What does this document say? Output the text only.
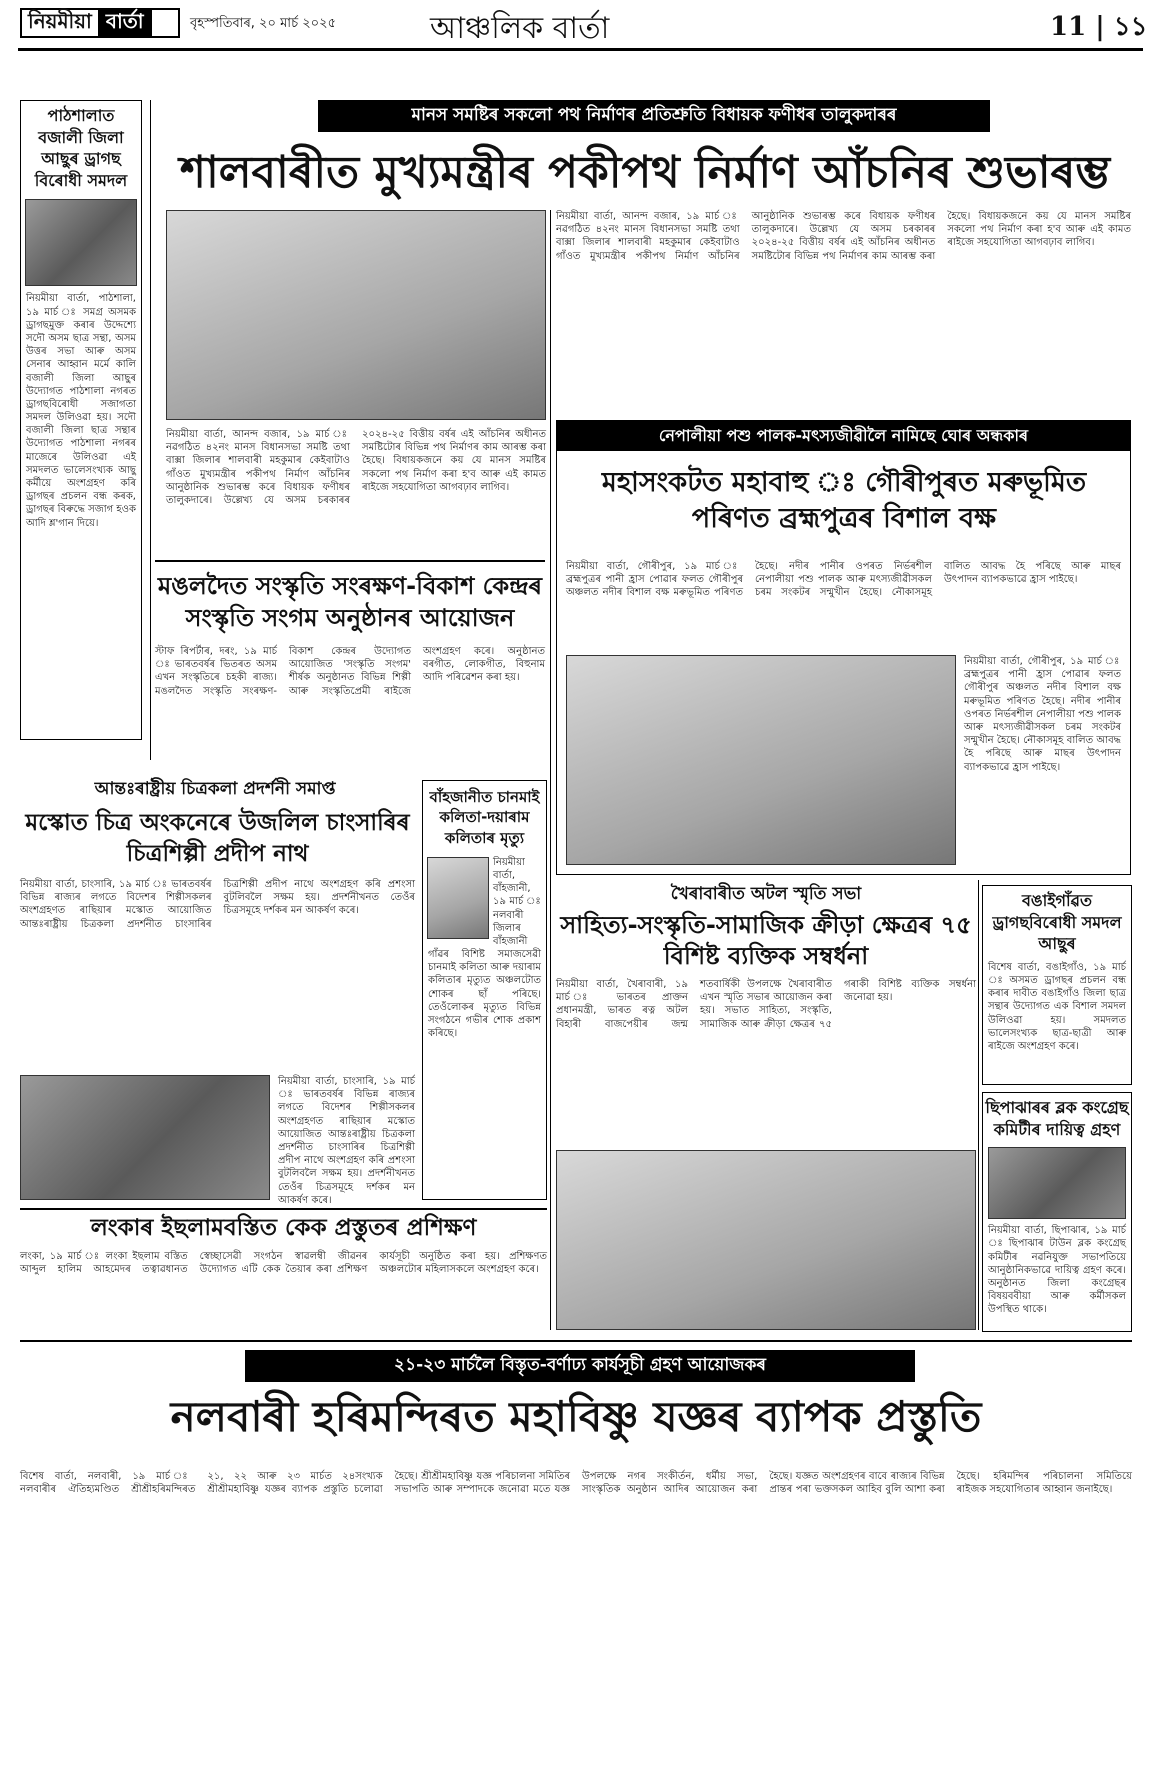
নিয়মীয়া বার্তা	বৃহস্পতিবাৰ, ২০ মাৰ্চ ২০২৫	আঞ্চলিক বাৰ্তা	11 | ১১
পাঠশালাত বজালী জিলা আছুৰ ড্ৰাগছ বিৰোধী সমদল
নিয়মীয়া বাৰ্তা, পাঠশালা, ১৯ মাৰ্চ ঃ সমগ্ৰ অসমক ড্ৰাগছমুক্ত কৰাৰ উদ্দেশ্যে সদৌ অসম ছাত্ৰ সন্থা, অসম উত্তৰ সভা আৰু অসম সেনাৰ আহ্বান মৰ্মে কালি বজালী জিলা আছুৰ উদ্যোগত পাঠশালা নগৰত ড্ৰাগছবিৰোধী সজাগতা সমদল উলিওৱা হয়। সদৌ বজালী জিলা ছাত্ৰ সন্থাৰ উদ্যোগত পাঠশালা নগৰৰ মাজেৰে উলিওৱা এই সমদলত ভালেসংখ্যক আছু কৰ্মীয়ে অংশগ্ৰহণ কৰি ড্ৰাগছৰ প্ৰচলন বন্ধ কৰক, ড্ৰাগছৰ বিৰুদ্ধে সজাগ হওক আদি শ্ল'গান দিয়ে।
মানস সমষ্টিৰ সকলো পথ নিৰ্মাণৰ প্ৰতিশ্ৰুতি বিধায়ক ফণীধৰ তালুকদাৰৰ
শালবাৰীত মুখ্যমন্ত্ৰীৰ পকীপথ নিৰ্মাণ আঁচনিৰ শুভাৰম্ভ
নিয়মীয়া বাৰ্তা, আনন্দ বজাৰ, ১৯ মাৰ্চ ঃ নৱগঠিত ৪২নং মানস বিধানসভা সমষ্টি তথা বাক্সা জিলাৰ শালবাৰী মহকুমাৰ কেইবাটাও গাঁওত মুখ্যমন্ত্ৰীৰ পকীপথ নিৰ্মাণ আঁচনিৰ আনুষ্ঠানিক শুভাৰম্ভ কৰে বিধায়ক ফণীধৰ তালুকদাৰে। উল্লেখ্য যে অসম চৰকাৰৰ ২০২৪-২৫ বিত্তীয় বৰ্ষৰ এই আঁচনিৰ অধীনত সমষ্টিটোৰ বিভিন্ন পথ নিৰ্মাণৰ কাম আৰম্ভ কৰা হৈছে। বিধায়কজনে কয় যে মানস সমষ্টিৰ সকলো পথ নিৰ্মাণ কৰা হ'ব আৰু এই কামত ৰাইজে সহযোগিতা আগবঢ়াব লাগিব।
নিয়মীয়া বাৰ্তা, আনন্দ বজাৰ, ১৯ মাৰ্চ ঃ নৱগঠিত ৪২নং মানস বিধানসভা সমষ্টি তথা বাক্সা জিলাৰ শালবাৰী মহকুমাৰ কেইবাটাও গাঁওত মুখ্যমন্ত্ৰীৰ পকীপথ নিৰ্মাণ আঁচনিৰ আনুষ্ঠানিক শুভাৰম্ভ কৰে বিধায়ক ফণীধৰ তালুকদাৰে। উল্লেখ্য যে অসম চৰকাৰৰ ২০২৪-২৫ বিত্তীয় বৰ্ষৰ এই আঁচনিৰ অধীনত সমষ্টিটোৰ বিভিন্ন পথ নিৰ্মাণৰ কাম আৰম্ভ কৰা হৈছে। বিধায়কজনে কয় যে মানস সমষ্টিৰ সকলো পথ নিৰ্মাণ কৰা হ'ব আৰু এই কামত ৰাইজে সহযোগিতা আগবঢ়াব লাগিব।
নেপালীয়া পশু পালক-মৎস্যজীৱীলৈ নামিছে ঘোৰ অন্ধকাৰ
মহাসংকটত মহাবাহু ঃ গৌৰীপুৰত মৰুভূমিত পৰিণত ব্ৰহ্মপুত্ৰৰ বিশাল বক্ষ
নিয়মীয়া বাৰ্তা, গৌৰীপুৰ, ১৯ মাৰ্চ ঃ ব্ৰহ্মপুত্ৰৰ পানী হ্ৰাস পোৱাৰ ফলত গৌৰীপুৰ অঞ্চলত নদীৰ বিশাল বক্ষ মৰুভূমিত পৰিণত হৈছে। নদীৰ পানীৰ ওপৰত নিৰ্ভৰশীল নেপালীয়া পশু পালক আৰু মৎস্যজীৱীসকল চৰম সংকটৰ সন্মুখীন হৈছে। নৌকাসমূহ বালিত আবদ্ধ হৈ পৰিছে আৰু মাছৰ উৎপাদন ব্যাপকভাৱে হ্ৰাস পাইছে।
নিয়মীয়া বাৰ্তা, গৌৰীপুৰ, ১৯ মাৰ্চ ঃ ব্ৰহ্মপুত্ৰৰ পানী হ্ৰাস পোৱাৰ ফলত গৌৰীপুৰ অঞ্চলত নদীৰ বিশাল বক্ষ মৰুভূমিত পৰিণত হৈছে। নদীৰ পানীৰ ওপৰত নিৰ্ভৰশীল নেপালীয়া পশু পালক আৰু মৎস্যজীৱীসকল চৰম সংকটৰ সন্মুখীন হৈছে। নৌকাসমূহ বালিত আবদ্ধ হৈ পৰিছে আৰু মাছৰ উৎপাদন ব্যাপকভাৱে হ্ৰাস পাইছে।
মঙলদৈত সংস্কৃতি সংৰক্ষণ-বিকাশ কেন্দ্ৰৰ সংস্কৃতি সংগম অনুষ্ঠানৰ আয়োজন
স্টাফ ৰিপৰ্টাৰ, দৰং, ১৯ মাৰ্চ ঃ ভাৰতবৰ্ষৰ ভিতৰত অসম এখন সংস্কৃতিৰে চহকী ৰাজ্য। মঙলদৈত সংস্কৃতি সংৰক্ষণ-বিকাশ কেন্দ্ৰৰ উদ্যোগত আয়োজিত 'সংস্কৃতি সংগম' শীৰ্ষক অনুষ্ঠানত বিভিন্ন শিল্পী আৰু সংস্কৃতিপ্ৰেমী ৰাইজে অংশগ্ৰহণ কৰে। অনুষ্ঠানত বৰগীত, লোকগীত, বিহুনাম আদি পৰিৱেশন কৰা হয়।
আন্তঃৰাষ্ট্ৰীয় চিত্ৰকলা প্ৰদৰ্শনী সমাপ্ত
মস্কোত চিত্ৰ অংকনেৰে উজলিল চাংসাৰিৰ চিত্ৰশিল্পী প্ৰদীপ নাথ
নিয়মীয়া বাৰ্তা, চাংসাৰি, ১৯ মাৰ্চ ঃ ভাৰতবৰ্ষৰ বিভিন্ন ৰাজ্যৰ লগতে বিদেশৰ শিল্পীসকলৰ অংশগ্ৰহণত ৰাছিয়াৰ মস্কোত আয়োজিত আন্তঃৰাষ্ট্ৰীয় চিত্ৰকলা প্ৰদৰ্শনীত চাংসাৰিৰ চিত্ৰশিল্পী প্ৰদীপ নাথে অংশগ্ৰহণ কৰি প্ৰশংসা বুটলিবলৈ সক্ষম হয়। প্ৰদৰ্শনীখনত তেওঁৰ চিত্ৰসমূহে দৰ্শকৰ মন আকৰ্ষণ কৰে।
নিয়মীয়া বাৰ্তা, চাংসাৰি, ১৯ মাৰ্চ ঃ ভাৰতবৰ্ষৰ বিভিন্ন ৰাজ্যৰ লগতে বিদেশৰ শিল্পীসকলৰ অংশগ্ৰহণত ৰাছিয়াৰ মস্কোত আয়োজিত আন্তঃৰাষ্ট্ৰীয় চিত্ৰকলা প্ৰদৰ্শনীত চাংসাৰিৰ চিত্ৰশিল্পী প্ৰদীপ নাথে অংশগ্ৰহণ কৰি প্ৰশংসা বুটলিবলৈ সক্ষম হয়। প্ৰদৰ্শনীখনত তেওঁৰ চিত্ৰসমূহে দৰ্শকৰ মন আকৰ্ষণ কৰে।
বাঁহজানীত চানমাই কলিতা-দয়াৰাম কলিতাৰ মৃত্যু
নিয়মীয়া বাৰ্তা, বাঁহজানী, ১৯ মাৰ্চ ঃ নলবাৰী জিলাৰ বাঁহজানী গাঁৱৰ বিশিষ্ট সমাজসেৱী চানমাই কলিতা আৰু দয়াৰাম কলিতাৰ মৃত্যুত অঞ্চলটোত শোকৰ ছাঁ পৰিছে। তেওঁলোকৰ মৃত্যুত বিভিন্ন সংগঠনে গভীৰ শোক প্ৰকাশ কৰিছে।
লংকাৰ ইছলামবস্তিত কেক প্ৰস্তুতৰ প্ৰশিক্ষণ
লংকা, ১৯ মাৰ্চ ঃ লংকা ইছলাম বস্তিত আব্দুল হালিম আহমেদৰ তত্বাৱধানত স্বেচ্ছাসেৱী সংগঠন স্বাৱলম্বী জীৱনৰ উদ্যোগত এটি কেক তৈয়াৰ কৰা প্ৰশিক্ষণ কাৰ্যসূচী অনুষ্ঠিত কৰা হয়। প্ৰশিক্ষণত অঞ্চলটোৰ মহিলাসকলে অংশগ্ৰহণ কৰে।
খৈৰাবাৰীত অটল স্মৃতি সভা
সাহিত্য-সংস্কৃতি-সামাজিক ক্ৰীড়া ক্ষেত্ৰৰ ৭৫ বিশিষ্ট ব্যক্তিক সম্বৰ্ধনা
নিয়মীয়া বাৰ্তা, খৈৰাবাৰী, ১৯ মাৰ্চ ঃ ভাৰতৰ প্ৰাক্তন প্ৰধানমন্ত্ৰী, ভাৰত ৰত্ন অটল বিহাৰী বাজপেয়ীৰ জন্ম শতবাৰ্ষিকী উপলক্ষে খৈৰাবাৰীত এখন স্মৃতি সভাৰ আয়োজন কৰা হয়। সভাত সাহিত্য, সংস্কৃতি, সামাজিক আৰু ক্ৰীড়া ক্ষেত্ৰৰ ৭৫ গৰাকী বিশিষ্ট ব্যক্তিক সম্বৰ্ধনা জনোৱা হয়।
বঙাইগাঁৱত ড্ৰাগছবিৰোধী সমদল আছুৰ
বিশেষ বাৰ্তা, বঙাইগাঁও, ১৯ মাৰ্চ ঃ অসমত ড্ৰাগছৰ প্ৰচলন বন্ধ কৰাৰ দাবীত বঙাইগাঁও জিলা ছাত্ৰ সন্থাৰ উদ্যোগত এক বিশাল সমদল উলিওৱা হয়। সমদলত ভালেসংখ্যক ছাত্ৰ-ছাত্ৰী আৰু ৰাইজে অংশগ্ৰহণ কৰে।
ছিপাঝাৰৰ ব্লক কংগ্ৰেছ কমিটীৰ দায়িত্ব গ্ৰহণ
নিয়মীয়া বাৰ্তা, ছিপাঝাৰ, ১৯ মাৰ্চ ঃ ছিপাঝাৰ টাউন ব্লক কংগ্ৰেছ কমিটীৰ নৱনিযুক্ত সভাপতিয়ে আনুষ্ঠানিকভাৱে দায়িত্ব গ্ৰহণ কৰে। অনুষ্ঠানত জিলা কংগ্ৰেছৰ বিষয়ববীয়া আৰু কৰ্মীসকল উপস্থিত থাকে।
২১-২৩ মাৰ্চলৈ বিস্তৃত-বৰ্ণাঢ্য কাৰ্যসূচী গ্ৰহণ আয়োজকৰ
নলবাৰী হৰিমন্দিৰত মহাবিষ্ণু যজ্ঞৰ ব্যাপক প্ৰস্তুতি
বিশেষ বাৰ্তা, নলবাৰী, ১৯ মাৰ্চ ঃ নলবাৰীৰ ঐতিহ্যমণ্ডিত শ্ৰীশ্ৰীহৰিমন্দিৰত ২১, ২২ আৰু ২৩ মাৰ্চত ২৪সংখ্যক শ্ৰীশ্ৰীমহাবিষ্ণু যজ্ঞৰ ব্যাপক প্ৰস্তুতি চলোৱা হৈছে। শ্ৰীশ্ৰীমহাবিষ্ণু যজ্ঞ পৰিচালনা সমিতিৰ সভাপতি আৰু সম্পাদকে জনোৱা মতে যজ্ঞ উপলক্ষে নগৰ সংকীৰ্তন, ধৰ্মীয় সভা, সাংস্কৃতিক অনুষ্ঠান আদিৰ আয়োজন কৰা হৈছে। যজ্ঞত অংশগ্ৰহণৰ বাবে ৰাজ্যৰ বিভিন্ন প্ৰান্তৰ পৰা ভক্তসকল আহিব বুলি আশা কৰা হৈছে। হৰিমন্দিৰ পৰিচালনা সমিতিয়ে ৰাইজক সহযোগিতাৰ আহ্বান জনাইছে।
